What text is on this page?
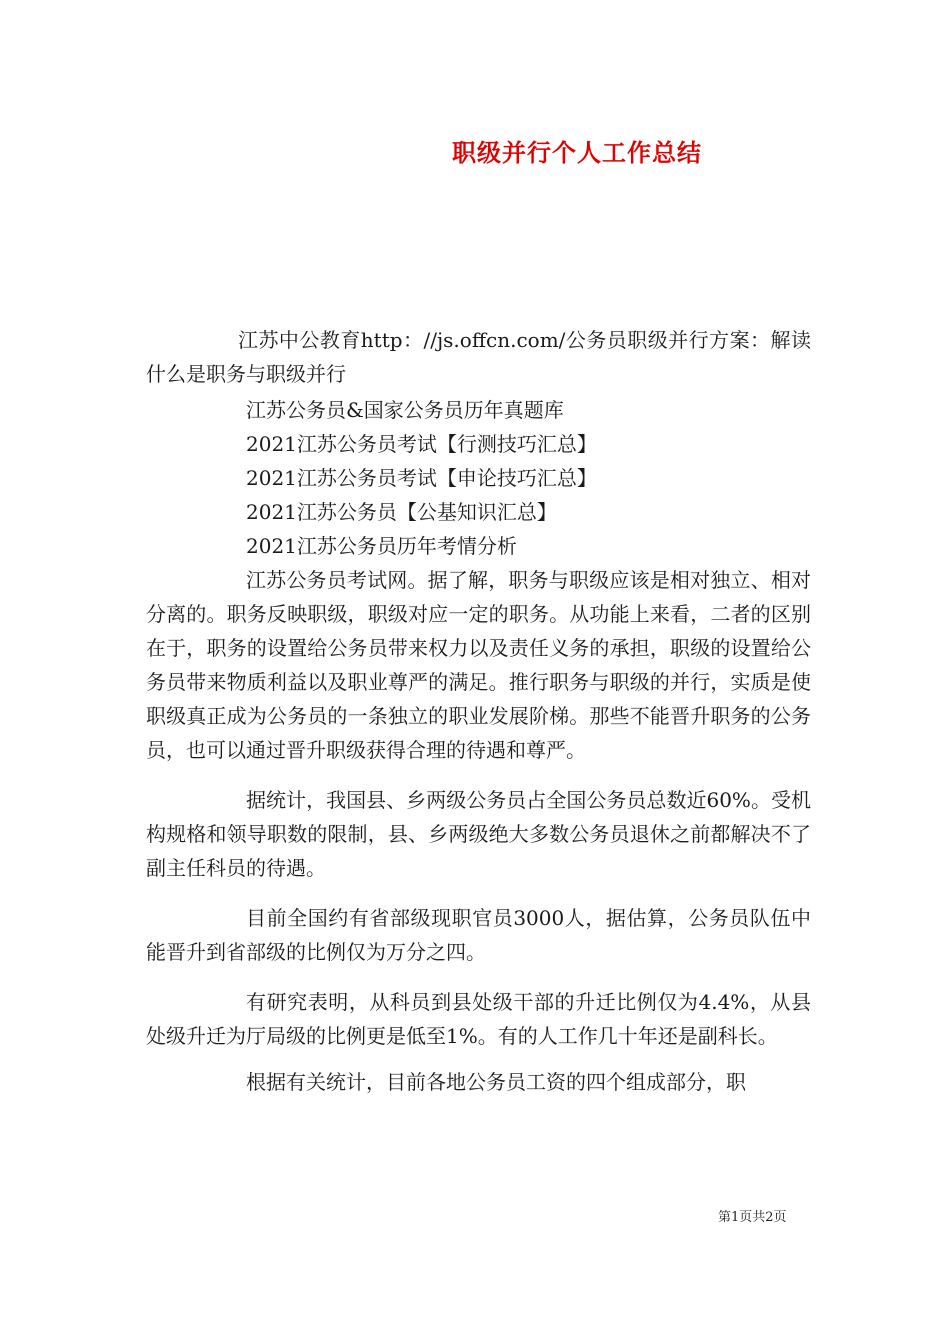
职级并行个人工作总结

江苏中公教育http：//js.offcn.com/公务员职级并行方案：解读什么是职务与职级并行

江苏公务员&国家公务员历年真题库

2021江苏公务员考试【行测技巧汇总】

2021江苏公务员考试【申论技巧汇总】

2021江苏公务员【公基知识汇总】

2021江苏公务员历年考情分析

江苏公务员考试网。据了解，职务与职级应该是相对独立、相对分离的。职务反映职级，职级对应一定的职务。从功能上来看，二者的区别在于，职务的设置给公务员带来权力以及责任义务的承担，职级的设置给公务员带来物质利益以及职业尊严的满足。推行职务与职级的并行，实质是使职级真正成为公务员的一条独立的职业发展阶梯。那些不能晋升职务的公务员，也可以通过晋升职级获得合理的待遇和尊严。

据统计，我国县、乡两级公务员占全国公务员总数近60%。受机构规格和领导职数的限制，县、乡两级绝大多数公务员退休之前都解决不了副主任科员的待遇。

目前全国约有省部级现职官员3000人，据估算，公务员队伍中能晋升到省部级的比例仅为万分之四。

有研究表明，从科员到县处级干部的升迁比例仅为4.4%，从县处级升迁为厅局级的比例更是低至1%。有的人工作几十年还是副科长。

根据有关统计，目前各地公务员工资的四个组成部分，职

第1页共2页
